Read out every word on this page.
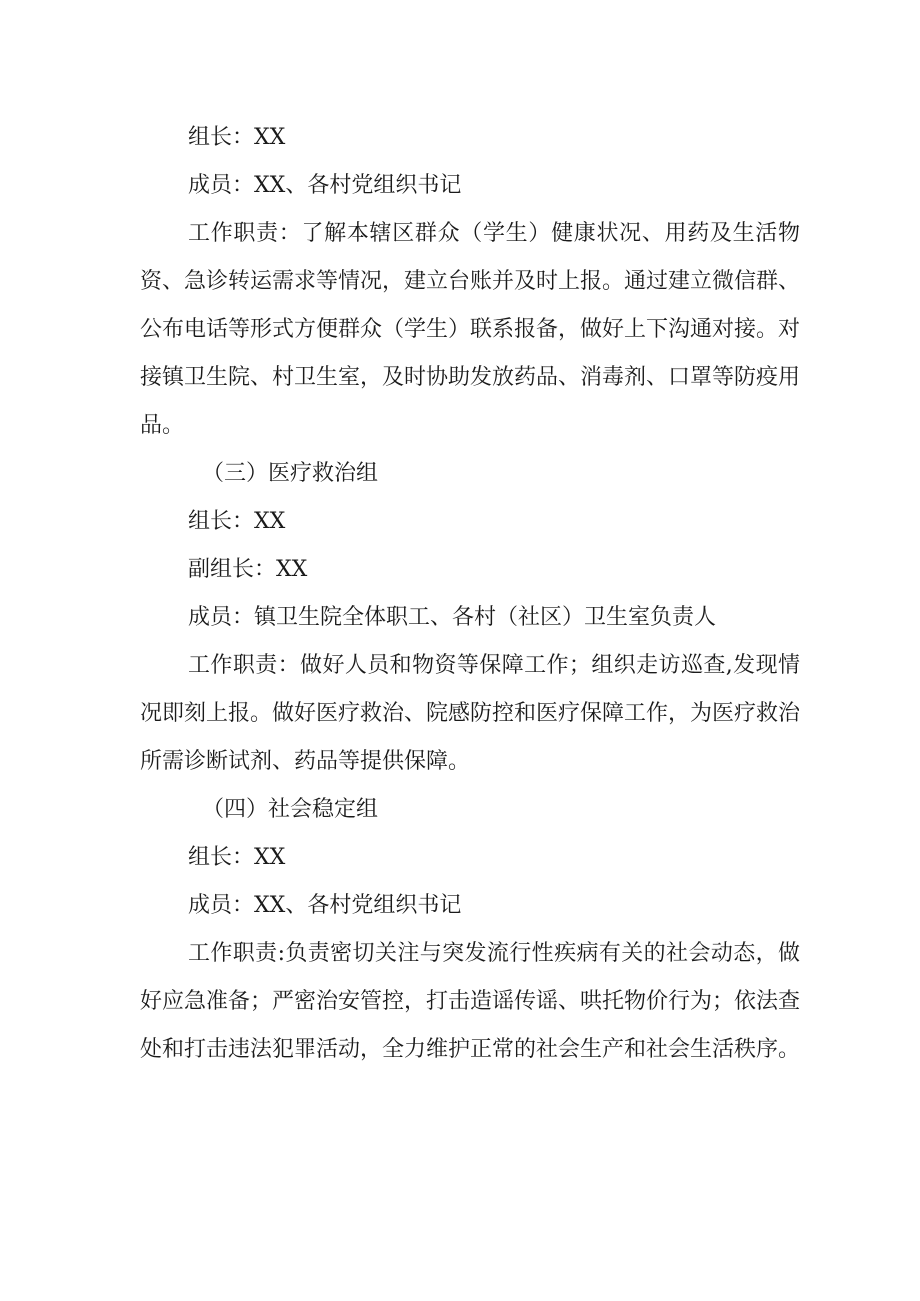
组长：XX

成员：XX、各村党组织书记

工作职责：了解本辖区群众（学生）健康状况、用药及生活物资、急诊转运需求等情况，建立台账并及时上报。通过建立微信群、公布电话等形式方便群众（学生）联系报备，做好上下沟通对接。对接镇卫生院、村卫生室，及时协助发放药品、消毒剂、口罩等防疫用品。

（三）医疗救治组

组长：XX

副组长：XX

成员：镇卫生院全体职工、各村（社区）卫生室负责人

工作职责：做好人员和物资等保障工作；组织走访巡查,发现情况即刻上报。做好医疗救治、院感防控和医疗保障工作，为医疗救治所需诊断试剂、药品等提供保障。

（四）社会稳定组

组长：XX

成员：XX、各村党组织书记

工作职责:负责密切关注与突发流行性疾病有关的社会动态，做好应急准备；严密治安管控，打击造谣传谣、哄托物价行为；依法查处和打击违法犯罪活动，全力维护正常的社会生产和社会生活秩序。
